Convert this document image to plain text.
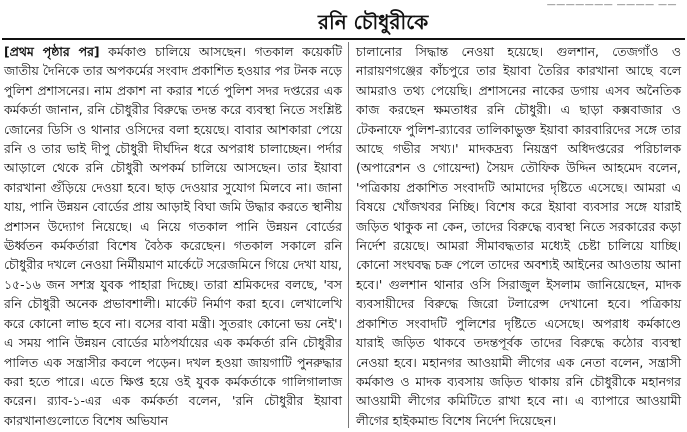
——————— ———— ——
রনি চৌধুরীকে

[প্রথম পৃষ্ঠার পর] কর্মকাণ্ড চালিয়ে আসছেন। গতকাল কয়েকটি জাতীয় দৈনিকে তার অপকর্মের সংবাদ প্রকাশিত হওয়ার পর টনক নড়ে পুলিশ প্রশাসনের। নাম প্রকাশ না করার শর্তে পুলিশ সদর দপ্তরের এক কর্মকর্তা জানান, রনি চৌধুরীর বিরুদ্ধে তদন্ত করে ব্যবস্থা নিতে সংশ্লিষ্ট জোনের ডিসি ও থানার ওসিদের বলা হয়েছে। বাবার আশকারা পেয়ে রনি ও তার ভাই দীপু চৌধুরী দীর্ঘদিন ধরে অপরাধ চালাচ্ছেন। পর্দার আড়ালে থেকে রনি চৌধুরী অপকর্ম চালিয়ে আসছেন। তার ইয়াবা কারখানা গুঁড়িয়ে দেওয়া হবে। ছাড় দেওয়ার সুযোগ মিলবে না। জানা যায়, পানি উন্নয়ন বোর্ডের প্রায় আড়াই বিঘা জমি উদ্ধার করতে স্থানীয় প্রশাসন উদ্যোগ নিয়েছে। এ নিয়ে গতকাল পানি উন্নয়ন বোর্ডের ঊর্ধ্বতন কর্মকর্তারা বিশেষ বৈঠক করেছেন। গতকাল সকালে রনি চৌধুরীর দখলে নেওয়া নির্মীয়মাণ মার্কেটে সরেজমিনে গিয়ে দেখা যায়, ১৫-১৬ জন সশস্ত্র যুবক পাহারা দিচ্ছে। তারা শ্রমিকদের বলছে, 'বস রনি চৌধুরী অনেক প্রভাবশালী। মার্কেট নির্মাণ করা হবে। লেখালেখি করে কোনো লাভ হবে না। বসের বাবা মন্ত্রী। সুতরাং কোনো ভয় নেই'। এ সময় পানি উন্নয়ন বোর্ডের মাঠপর্যায়ের এক কর্মকর্তা রনি চৌধুরীর পালিত এক সন্ত্রাসীর কবলে পড়েন। দখল হওয়া জায়গাটি পুনরুদ্ধার করা হতে পারে। এতে ক্ষিপ্ত হয়ে ওই যুবক কর্মকর্তাকে গালিগালাজ করেন। র‍্যাব-১-এর এক কর্মকর্তা বলেন, 'রনি চৌধুরীর ইয়াবা কারখানাগুলোতে বিশেষ অভিযান

চালানোর সিদ্ধান্ত নেওয়া হয়েছে। গুলশান, তেজগাঁও ও নারায়ণগঞ্জের কাঁচপুরে তার ইয়াবা তৈরির কারখানা আছে বলে আমরাও তথ্য পেয়েছি। প্রশাসনের নাকের ডগায় এসব অনৈতিক কাজ করছেন ক্ষমতাধর রনি চৌধুরী। এ ছাড়া কক্সবাজার ও টেকনাফে পুলিশ-র‍্যাবের তালিকাভুক্ত ইয়াবা কারবারিদের সঙ্গে তার আছে গভীর সখ্য।' মাদকদ্রব্য নিয়ন্ত্রণ অধিদপ্তরের পরিচালক (অপারেশন ও গোয়েন্দা) সৈয়দ তৌফিক উদ্দিন আহমেদ বলেন, 'পত্রিকায় প্রকাশিত সংবাদটি আমাদের দৃষ্টিতে এসেছে। আমরা এ বিষয়ে খোঁজখবর নিচ্ছি। বিশেষ করে ইয়াবা ব্যবসার সঙ্গে যারাই জড়িত থাকুক না কেন, তাদের বিরুদ্ধে ব্যবস্থা নিতে সরকারের কড়া নির্দেশ রয়েছে। আমরা সীমাবদ্ধতার মধ্যেই চেষ্টা চালিয়ে যাচ্ছি। কোনো সংঘবদ্ধ চক্র পেলে তাদের অবশ্যই আইনের আওতায় আনা হবে।' গুলশান থানার ওসি সিরাজুল ইসলাম জানিয়েছেন, মাদক ব্যবসায়ীদের বিরুদ্ধে জিরো টলারেন্স দেখানো হবে। পত্রিকায় প্রকাশিত সংবাদটি পুলিশের দৃষ্টিতে এসেছে। অপরাধ কর্মকাণ্ডে যারাই জড়িত থাকবে তদন্তপূর্বক তাদের বিরুদ্ধে কঠোর ব্যবস্থা নেওয়া হবে। মহানগর আওয়ামী লীগের এক নেতা বলেন, সন্ত্রাসী কর্মকাণ্ড ও মাদক ব্যবসায় জড়িত থাকায় রনি চৌধুরীকে মহানগর আওয়ামী লীগের কমিটিতে রাখা হবে না। এ ব্যাপারে আওয়ামী লীগের হাইকমান্ড বিশেষ নির্দেশ দিয়েছেন।
